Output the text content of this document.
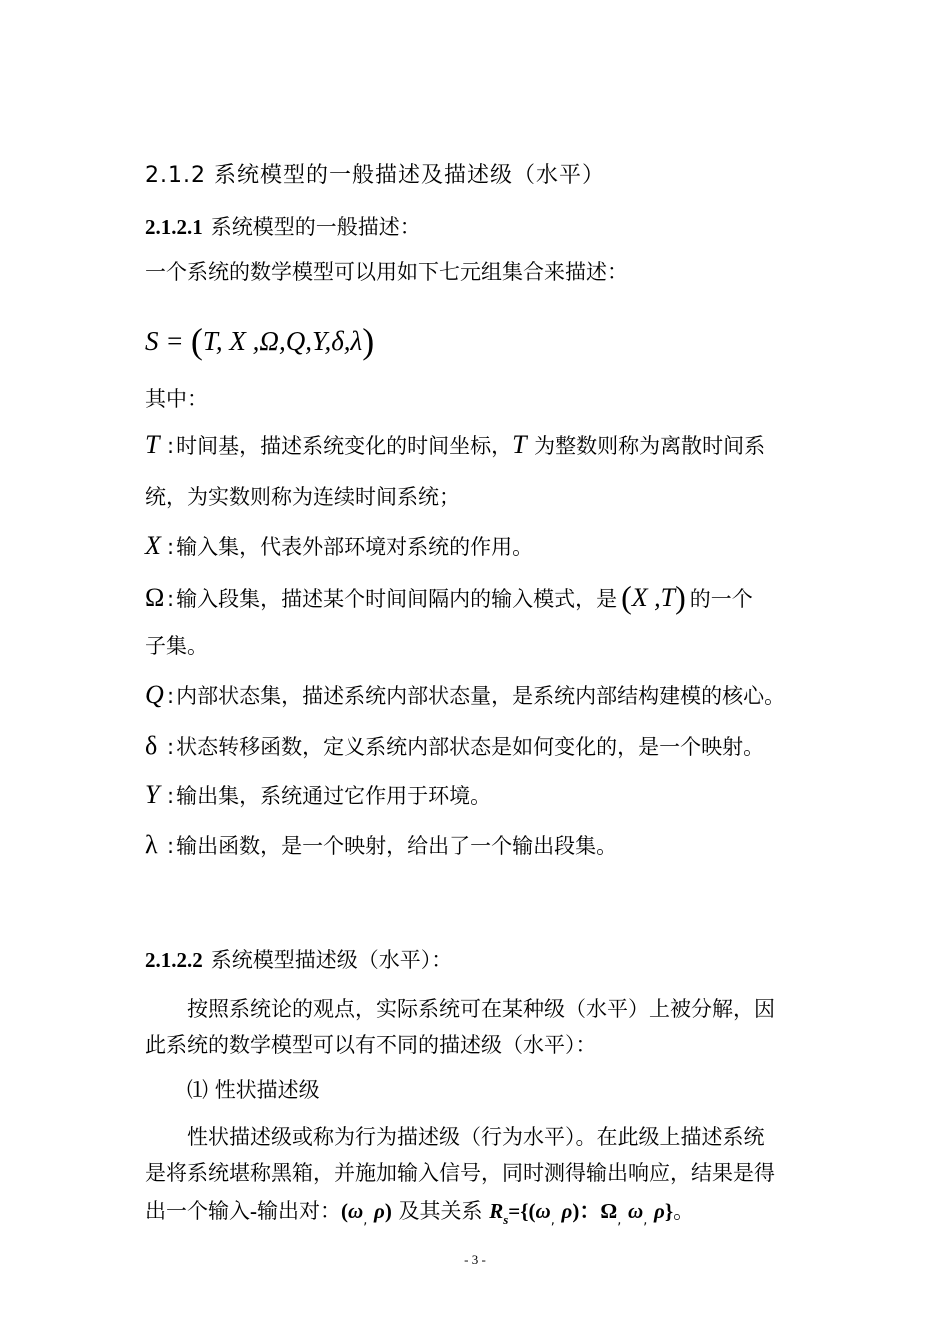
2.1.2 系统模型的一般描述及描述级（水平）
2.1.2.1 系统模型的一般描述：
一个系统的数学模型可以用如下七元组集合来描述：
S = (T, X ,Ω,Q,Y,δ,λ)
其中：
T :时间基，描述系统变化的时间坐标，T 为整数则称为离散时间系
统，为实数则称为连续时间系统；
X :输入集，代表外部环境对系统的作用。
Ω :输入段集，描述某个时间间隔内的输入模式，是 (X ,T) 的一个
子集。
Q :内部状态集，描述系统内部状态量，是系统内部结构建模的核心。
δ :状态转移函数，定义系统内部状态是如何变化的，是一个映射。
Y :输出集，系统通过它作用于环境。
λ :输出函数，是一个映射，给出了一个输出段集。
2.1.2.2 系统模型描述级（水平）：
按照系统论的观点，实际系统可在某种级（水平）上被分解，因
此系统的数学模型可以有不同的描述级（水平）：
⑴ 性状描述级
性状描述级或称为行为描述级（行为水平）。在此级上描述系统
是将系统堪称黑箱，并施加输入信号，同时测得输出响应，结果是得
出一个输入-输出对：($\omega_,$ ρ) 及其关系 $R_s=\{(\omega_,$ ρ)：$\Omega_,$ $\omega_,$ ρ}。
- 3 -
